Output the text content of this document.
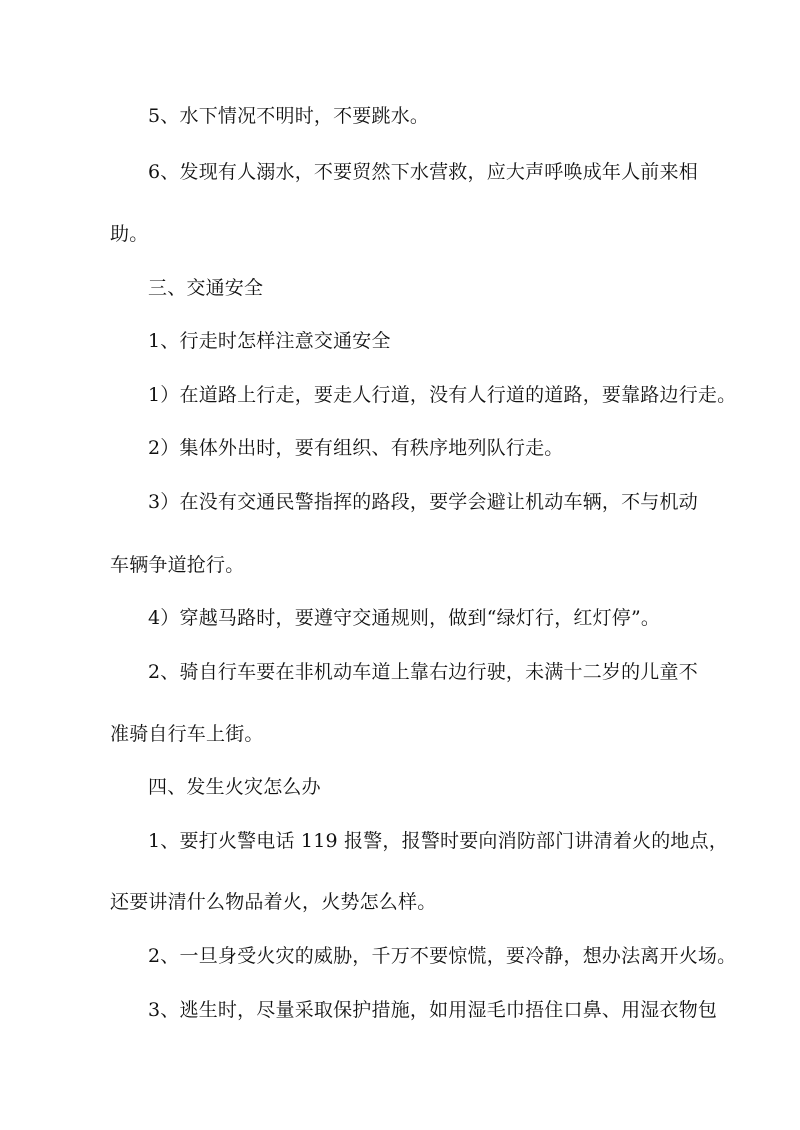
5、水下情况不明时，不要跳水。
6、发现有人溺水，不要贸然下水营救，应大声呼唤成年人前来相
助。
三、交通安全
1、行走时怎样注意交通安全
1）在道路上行走，要走人行道，没有人行道的道路，要靠路边行走。
2）集体外出时，要有组织、有秩序地列队行走。
3）在没有交通民警指挥的路段，要学会避让机动车辆，不与机动
车辆争道抢行。
4）穿越马路时，要遵守交通规则，做到“绿灯行，红灯停”。
2、骑自行车要在非机动车道上靠右边行驶，未满十二岁的儿童不
准骑自行车上街。
四、发生火灾怎么办
1、要打火警电话 119 报警，报警时要向消防部门讲清着火的地点，
还要讲清什么物品着火，火势怎么样。
2、一旦身受火灾的威胁，千万不要惊慌，要冷静，想办法离开火场。
3、逃生时，尽量采取保护措施，如用湿毛巾捂住口鼻、用湿衣物包
